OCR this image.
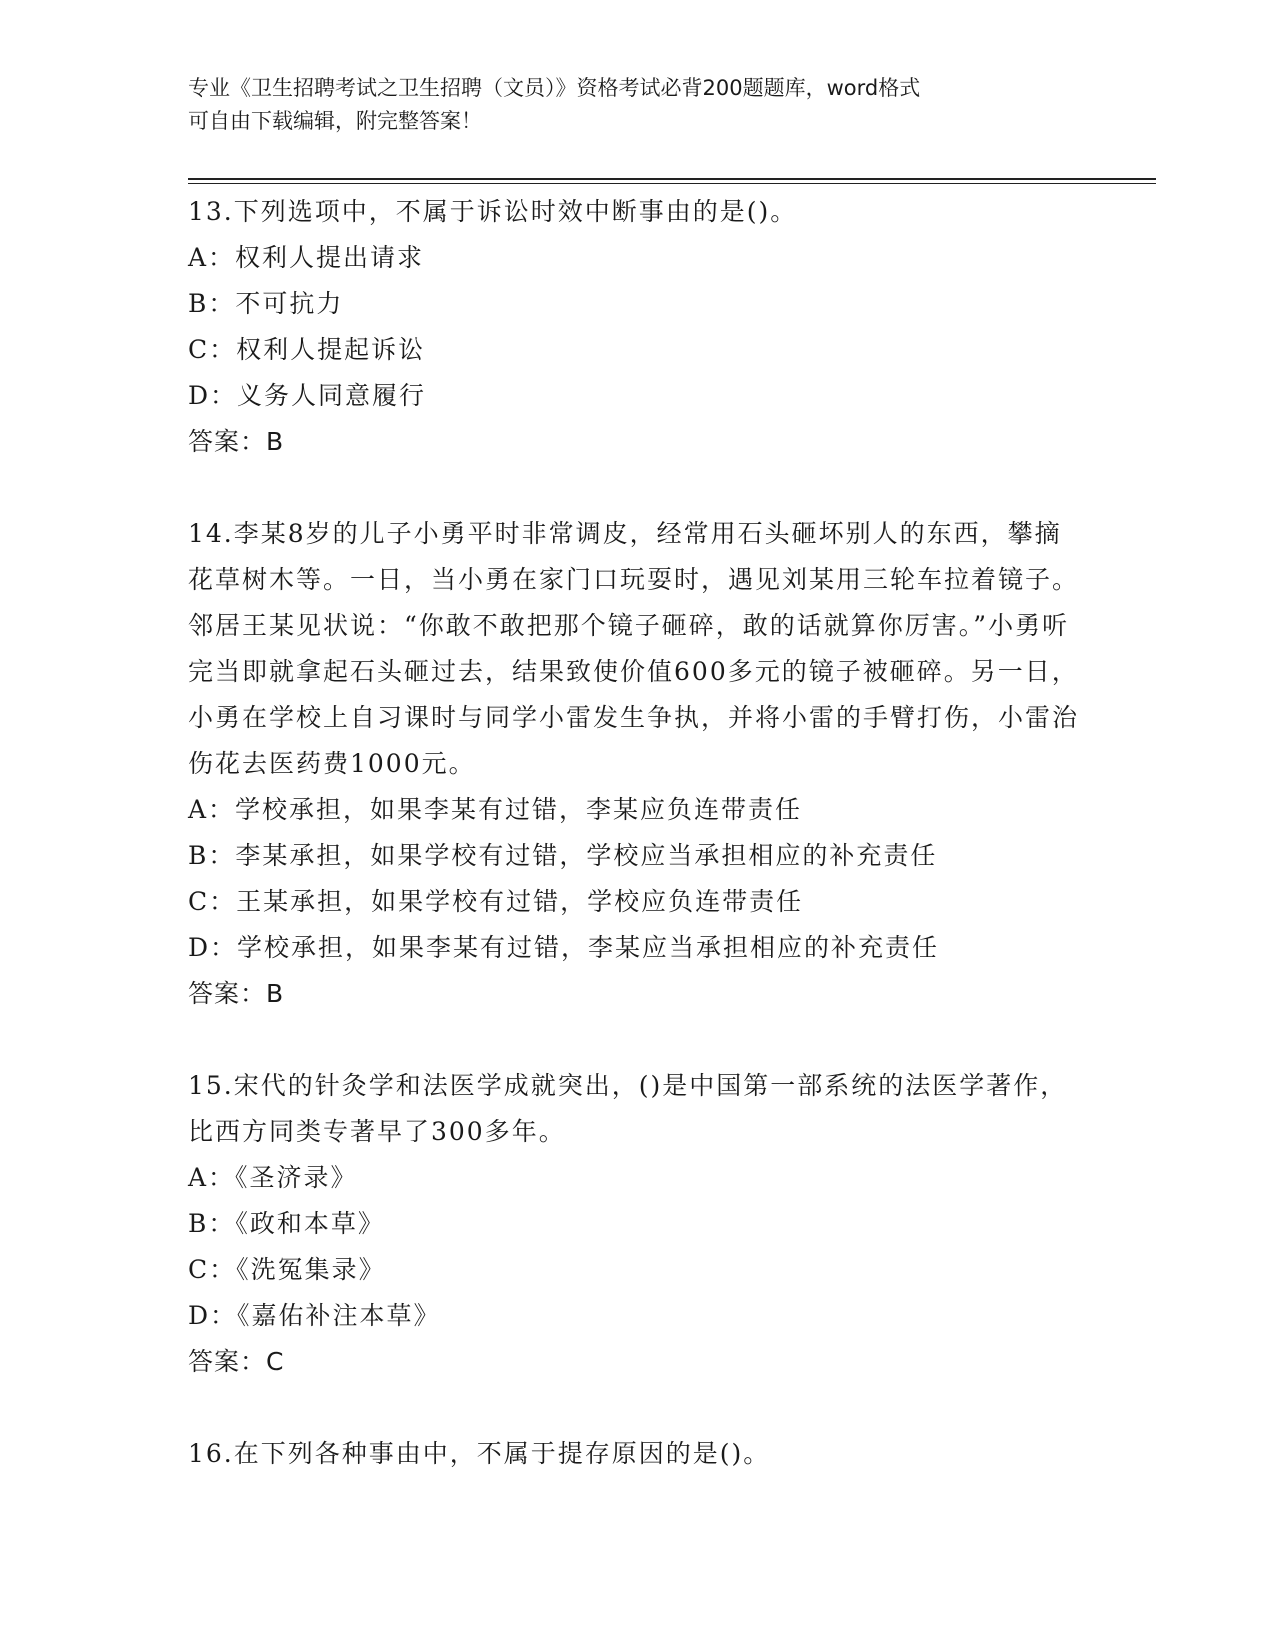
专业《卫生招聘考试之卫生招聘（文员）》资格考试必背200题题库，word格式
可自由下载编辑，附完整答案！

13.下列选项中，不属于诉讼时效中断事由的是()。

A：权利人提出请求
B：不可抗力
C：权利人提起诉讼
D：义务人同意履行
答案：B

14.李某8岁的儿子小勇平时非常调皮，经常用石头砸坏别人的东西，攀摘花草树木等。一日，当小勇在家门口玩耍时，遇见刘某用三轮车拉着镜子。邻居王某见状说：“你敢不敢把那个镜子砸碎，敢的话就算你厉害。”小勇听完当即就拿起石头砸过去，结果致使价值600多元的镜子被砸碎。另一日，小勇在学校上自习课时与同学小雷发生争执，并将小雷的手臂打伤，小雷治伤花去医药费1000元。

A：学校承担，如果李某有过错，李某应负连带责任
B：李某承担，如果学校有过错，学校应当承担相应的补充责任
C：王某承担，如果学校有过错，学校应负连带责任
D：学校承担，如果李某有过错，李某应当承担相应的补充责任
答案：B

15.宋代的针灸学和法医学成就突出，()是中国第一部系统的法医学著作，比西方同类专著早了300多年。

A：《圣济录》
B：《政和本草》
C：《洗冤集录》
D：《嘉佑补注本草》
答案：C

16.在下列各种事由中，不属于提存原因的是()。
